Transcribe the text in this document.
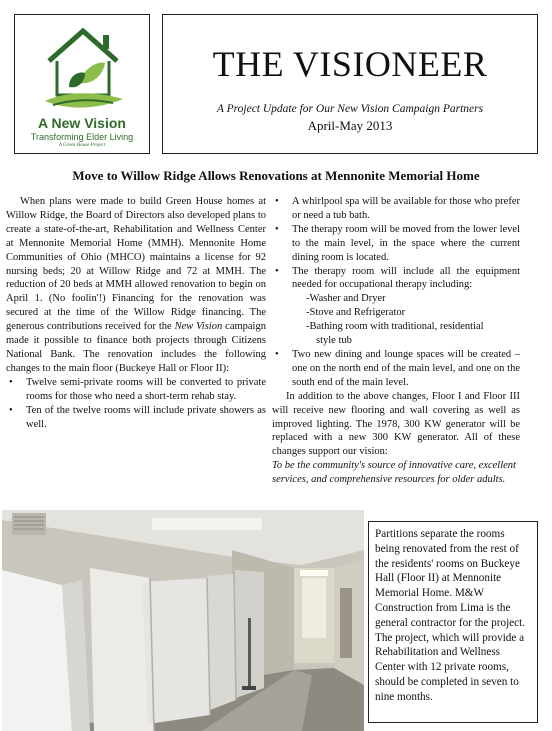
A New Vision
Transforming Elder Living
A Green House Project
THE VISIONEER
A Project Update for Our New Vision Campaign Partners
April-May 2013
Move to Willow Ridge Allows Renovations at Mennonite Memorial Home

When plans were made to build Green House homes at Willow Ridge, the Board of Directors also developed plans to create a state-of-the-art, Rehabilitation and Wellness Center at Mennonite Memorial Home (MMH). Mennonite Home Communities of Ohio (MHCO) maintains a license for 92 nursing beds; 20 at Willow Ridge and 72 at MMH. The reduction of 20 beds at MMH allowed renovation to begin on April 1. (No foolin'!) Financing for the renovation was secured at the time of the Willow Ridge financing. The generous contributions received for the New Vision campaign made it possible to finance both projects through Citizens National Bank. The renovation includes the following changes to the main floor (Buckeye Hall or Floor II):

• Twelve semi-private rooms will be converted to private rooms for those who need a short-term rehab stay.
• Ten of the twelve rooms will include private showers as well.
• A whirlpool spa will be available for those who prefer or need a tub bath.
• The therapy room will be moved from the lower level to the main level, in the space where the current dining room is located.
• The therapy room will include all the equipment needed for occupational therapy including:

-Washer and Dryer

-Stove and Refrigerator

-Bathing room with traditional, residential

style tub

• Two new dining and lounge spaces will be created – one on the north end of the main level, and one on the south end of the main level.

In addition to the above changes, Floor I and Floor III will receive new flooring and wall covering as well as improved lighting. The 1978, 300 KW generator will be replaced with a new 300 KW generator. All of these changes support our vision:

To be the community's source of innovative care, excellent services, and comprehensive resources for older adults.

Partitions separate the rooms being renovated from the rest of the residents' rooms on Buckeye Hall (Floor II) at Mennonite Memorial Home. M&W Construction from Lima is the general contractor for the project. The project, which will provide a Rehabilitation and Wellness Center with 12 private rooms, should be completed in seven to nine months.
